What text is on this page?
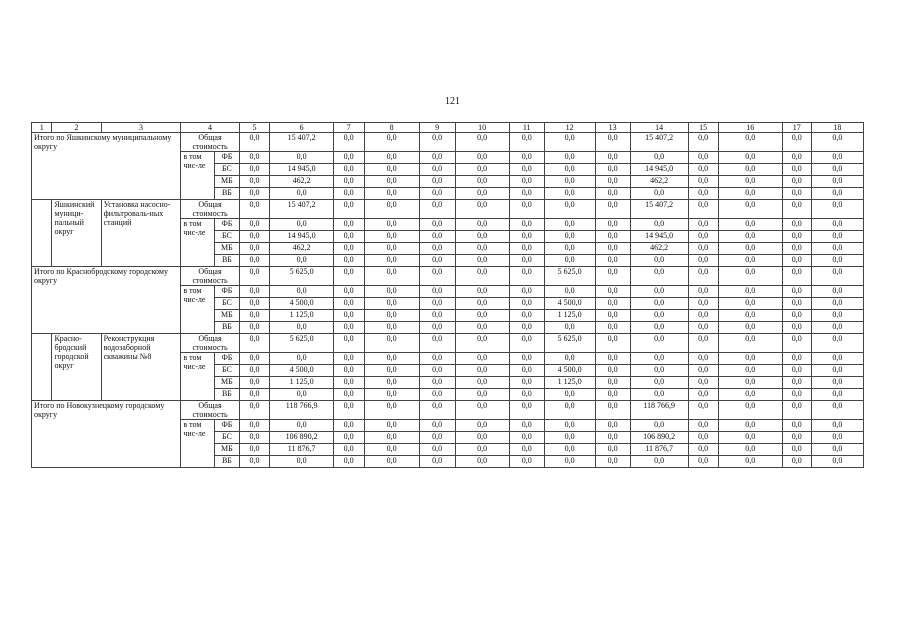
121
1	2	3	4		5	6	7	8	9	10	11	12	13	14	15	16	17	18
Итого по Яшкинскому муниципальному округу			Общая стоимость		0,0	15 407,2	0,0	0,0	0,0	0,0	0,0	0,0	0,0	15 407,2	0,0	0,0	0,0	0,0
			в том чис-ле	ФБ	0,0	0,0	0,0	0,0	0,0	0,0	0,0	0,0	0,0	0,0	0,0	0,0	0,0	0,0
				БС	0,0	14 945,0	0,0	0,0	0,0	0,0	0,0	0,0	0,0	14 945,0	0,0	0,0	0,0	0,0
				МБ	0,0	462,2	0,0	0,0	0,0	0,0	0,0	0,0	0,0	462,2	0,0	0,0	0,0	0,0
				ВБ	0,0	0,0	0,0	0,0	0,0	0,0	0,0	0,0	0,0	0,0	0,0	0,0	0,0	0,0
	Яшкинский муници-пальный округ	Установка насосно-фильтроваль-ных станций	Общая стоимость		0,0	15 407,2	0,0	0,0	0,0	0,0	0,0	0,0	0,0	15 407,2	0,0	0,0	0,0	0,0
			в том чис-ле	ФБ	0,0	0,0	0,0	0,0	0,0	0,0	0,0	0,0	0,0	0,0	0,0	0,0	0,0	0,0
				БС	0,0	14 945,0	0,0	0,0	0,0	0,0	0,0	0,0	0,0	14 945,0	0,0	0,0	0,0	0,0
				МБ	0,0	462,2	0,0	0,0	0,0	0,0	0,0	0,0	0,0	462,2	0,0	0,0	0,0	0,0
				ВБ	0,0	0,0	0,0	0,0	0,0	0,0	0,0	0,0	0,0	0,0	0,0	0,0	0,0	0,0
Итого по Краснобродскому городскому округу			Общая стоимость		0,0	5 625,0	0,0	0,0	0,0	0,0	0,0	5 625,0	0,0	0,0	0,0	0,0	0,0	0,0
			в том чис-ле	ФБ	0,0	0,0	0,0	0,0	0,0	0,0	0,0	0,0	0,0	0,0	0,0	0,0	0,0	0,0
				БС	0,0	4 500,0	0,0	0,0	0,0	0,0	0,0	4 500,0	0,0	0,0	0,0	0,0	0,0	0,0
				МБ	0,0	1 125,0	0,0	0,0	0,0	0,0	0,0	1 125,0	0,0	0,0	0,0	0,0	0,0	0,0
				ВБ	0,0	0,0	0,0	0,0	0,0	0,0	0,0	0,0	0,0	0,0	0,0	0,0	0,0	0,0
	Красно-бродский городской округ	Реконструкция водозаборной скважины №8	Общая стоимость		0,0	5 625,0	0,0	0,0	0,0	0,0	0,0	5 625,0	0,0	0,0	0,0	0,0	0,0	0,0
			в том чис-ле	ФБ	0,0	0,0	0,0	0,0	0,0	0,0	0,0	0,0	0,0	0,0	0,0	0,0	0,0	0,0
				БС	0,0	4 500,0	0,0	0,0	0,0	0,0	0,0	4 500,0	0,0	0,0	0,0	0,0	0,0	0,0
				МБ	0,0	1 125,0	0,0	0,0	0,0	0,0	0,0	1 125,0	0,0	0,0	0,0	0,0	0,0	0,0
				ВБ	0,0	0,0	0,0	0,0	0,0	0,0	0,0	0,0	0,0	0,0	0,0	0,0	0,0	0,0
Итого по Новокузнецкому городскому округу			Общая стоимость		0,0	118 766,9	0,0	0,0	0,0	0,0	0,0	0,0	0,0	118 766,9	0,0	0,0	0,0	0,0
			в том чис-ле	ФБ	0,0	0,0	0,0	0,0	0,0	0,0	0,0	0,0	0,0	0,0	0,0	0,0	0,0	0,0
				БС	0,0	106 890,2	0,0	0,0	0,0	0,0	0,0	0,0	0,0	106 890,2	0,0	0,0	0,0	0,0
				МБ	0,0	11 876,7	0,0	0,0	0,0	0,0	0,0	0,0	0,0	11 876,7	0,0	0,0	0,0	0,0
				ВБ	0,0	0,0	0,0	0,0	0,0	0,0	0,0	0,0	0,0	0,0	0,0	0,0	0,0	0,0
